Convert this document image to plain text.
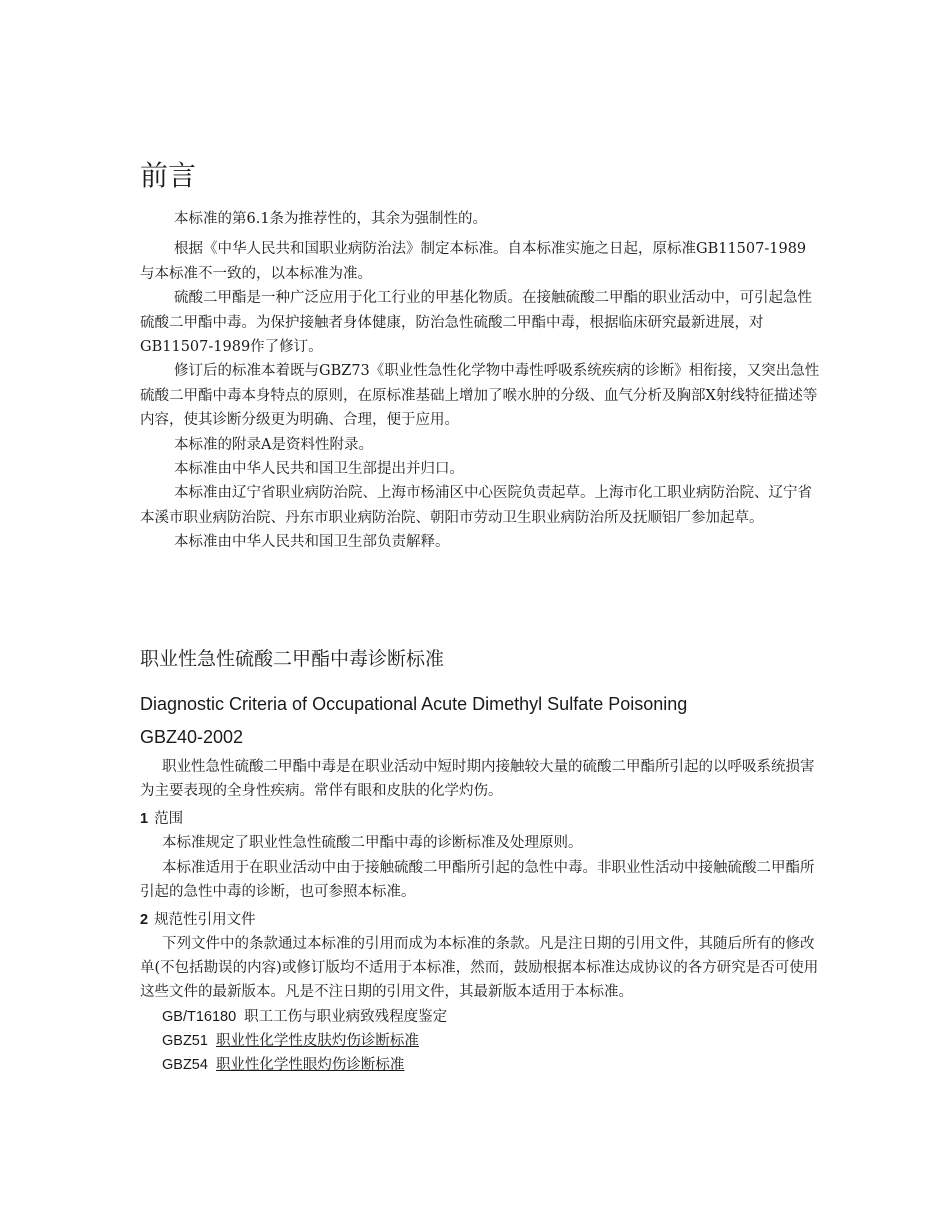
前言

本标准的第6.1条为推荐性的，其余为强制性的。

根据《中华人民共和国职业病防治法》制定本标准。自本标准实施之日起，原标准GB11507-1989与本标准不一致的，以本标准为准。

硫酸二甲酯是一种广泛应用于化工行业的甲基化物质。在接触硫酸二甲酯的职业活动中，可引起急性硫酸二甲酯中毒。为保护接触者身体健康，防治急性硫酸二甲酯中毒，根据临床研究最新进展，对GB11507-1989作了修订。

修订后的标准本着既与GBZ73《职业性急性化学物中毒性呼吸系统疾病的诊断》相衔接，又突出急性硫酸二甲酯中毒本身特点的原则，在原标准基础上增加了喉水肿的分级、血气分析及胸部X射线特征描述等内容，使其诊断分级更为明确、合理，便于应用。

本标准的附录A是资料性附录。

本标准由中华人民共和国卫生部提出并归口。

本标准由辽宁省职业病防治院、上海市杨浦区中心医院负责起草。上海市化工职业病防治院、辽宁省本溪市职业病防治院、丹东市职业病防治院、朝阳市劳动卫生职业病防治所及抚顺铝厂参加起草。

本标准由中华人民共和国卫生部负责解释。

职业性急性硫酸二甲酯中毒诊断标准
Diagnostic Criteria of Occupational Acute Dimethyl Sulfate Poisoning
GBZ40-2002

职业性急性硫酸二甲酯中毒是在职业活动中短时期内接触较大量的硫酸二甲酯所引起的以呼吸系统损害为主要表现的全身性疾病。常伴有眼和皮肤的化学灼伤。

1 范围

本标准规定了职业性急性硫酸二甲酯中毒的诊断标准及处理原则。

本标准适用于在职业活动中由于接触硫酸二甲酯所引起的急性中毒。非职业性活动中接触硫酸二甲酯所引起的急性中毒的诊断，也可参照本标准。

2 规范性引用文件

下列文件中的条款通过本标准的引用而成为本标准的条款。凡是注日期的引用文件，其随后所有的修改单(不包括勘误的内容)或修订版均不适用于本标准，然而，鼓励根据本标准达成协议的各方研究是否可使用这些文件的最新版本。凡是不注日期的引用文件，其最新版本适用于本标准。

GB/T16180 职工工伤与职业病致残程度鉴定
GBZ51 职业性化学性皮肤灼伤诊断标准
GBZ54 职业性化学性眼灼伤诊断标准
